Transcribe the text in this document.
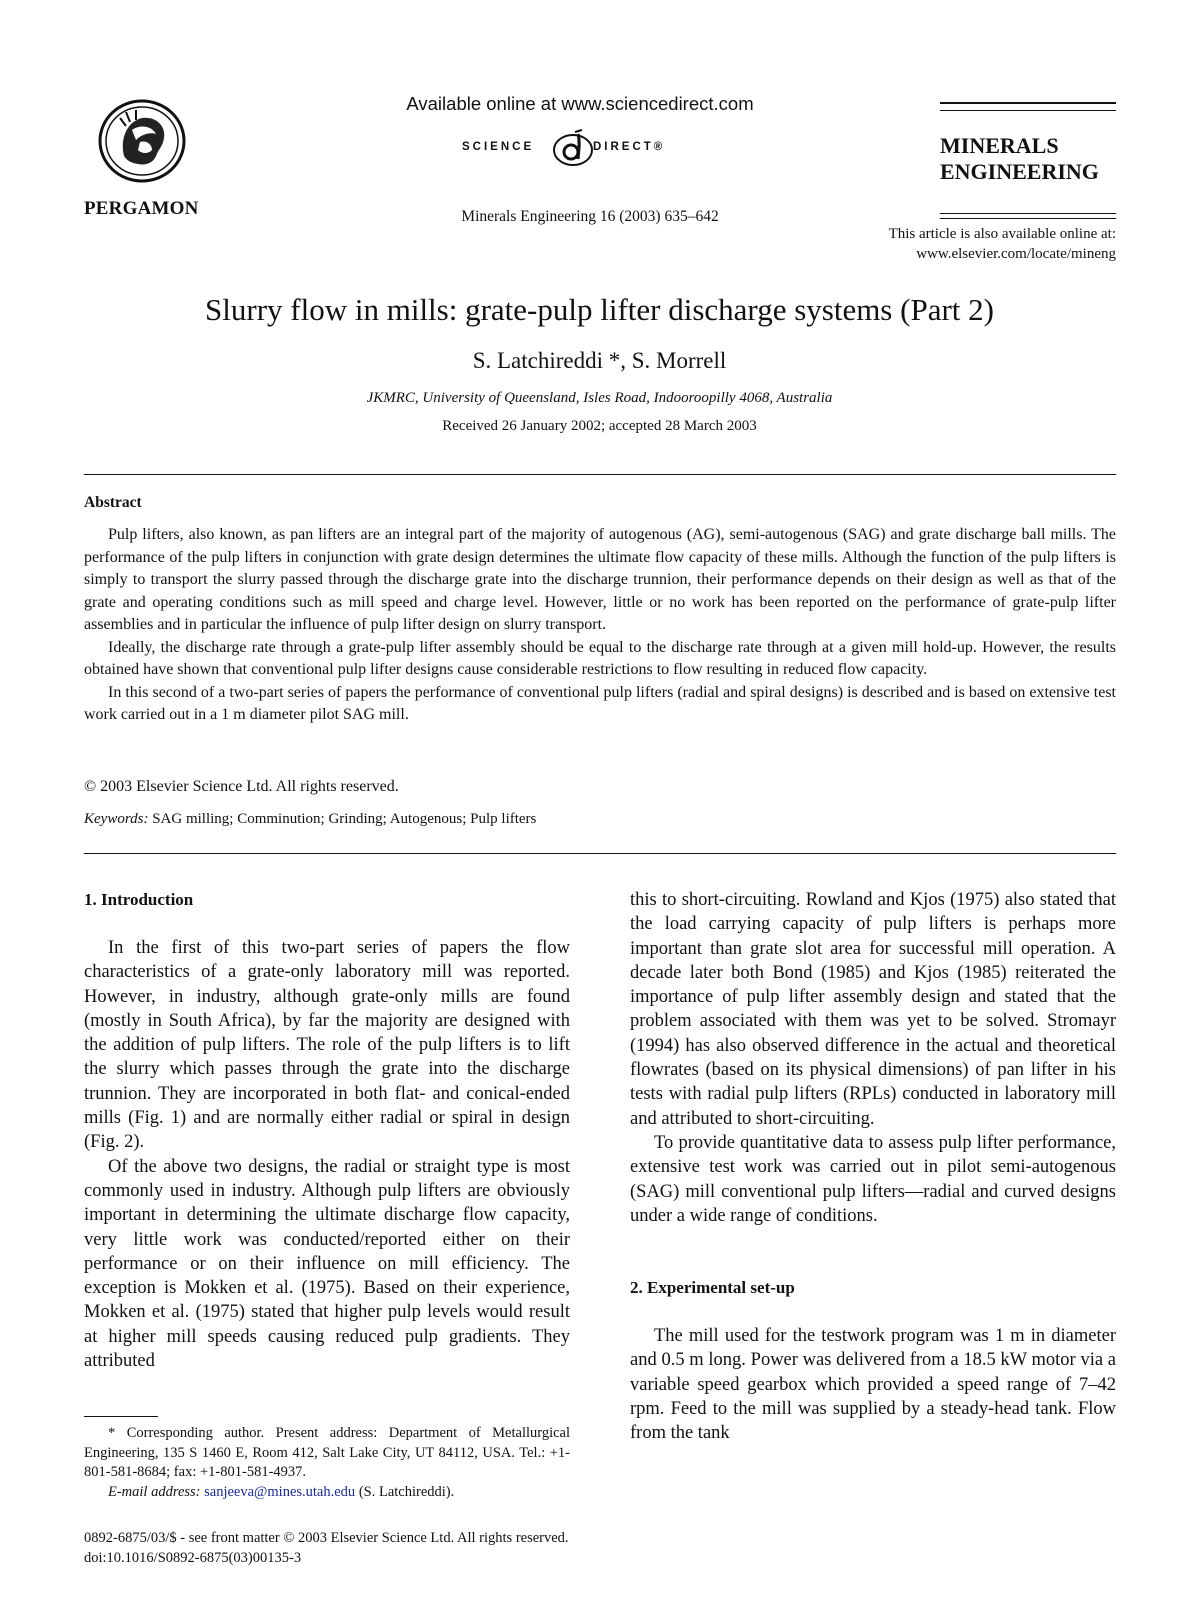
PERGAMON
Available online at www.sciencedirect.com
SCIENCE	DIRECT®
Minerals Engineering 16 (2003) 635–642
MINERALS
ENGINEERING
This article is also available online at:
www.elsevier.com/locate/mineng
Slurry flow in mills: grate-pulp lifter discharge systems (Part 2)
S. Latchireddi *, S. Morrell
JKMRC, University of Queensland, Isles Road, Indooroopilly 4068, Australia
Received 26 January 2002; accepted 28 March 2003
Abstract

Pulp lifters, also known, as pan lifters are an integral part of the majority of autogenous (AG), semi-autogenous (SAG) and grate discharge ball mills. The performance of the pulp lifters in conjunction with grate design determines the ultimate flow capacity of these mills. Although the function of the pulp lifters is simply to transport the slurry passed through the discharge grate into the discharge trunnion, their performance depends on their design as well as that of the grate and operating conditions such as mill speed and charge level. However, little or no work has been reported on the performance of grate-pulp lifter assemblies and in particular the influence of pulp lifter design on slurry transport.

Ideally, the discharge rate through a grate-pulp lifter assembly should be equal to the discharge rate through at a given mill hold-up. However, the results obtained have shown that conventional pulp lifter designs cause considerable restrictions to flow resulting in reduced flow capacity.

In this second of a two-part series of papers the performance of conventional pulp lifters (radial and spiral designs) is described and is based on extensive test work carried out in a 1 m diameter pilot SAG mill.

© 2003 Elsevier Science Ltd. All rights reserved.
Keywords: SAG milling; Comminution; Grinding; Autogenous; Pulp lifters
1. Introduction

In the first of this two-part series of papers the flow characteristics of a grate-only laboratory mill was reported. However, in industry, although grate-only mills are found (mostly in South Africa), by far the majority are designed with the addition of pulp lifters. The role of the pulp lifters is to lift the slurry which passes through the grate into the discharge trunnion. They are incorporated in both flat- and conical-ended mills (Fig. 1) and are normally either radial or spiral in design (Fig. 2).

Of the above two designs, the radial or straight type is most commonly used in industry. Although pulp lifters are obviously important in determining the ultimate discharge flow capacity, very little work was conducted/reported either on their performance or on their influence on mill efficiency. The exception is Mokken et al. (1975). Based on their experience, Mokken et al. (1975) stated that higher pulp levels would result at higher mill speeds causing reduced pulp gradients. They attributed

this to short-circuiting. Rowland and Kjos (1975) also stated that the load carrying capacity of pulp lifters is perhaps more important than grate slot area for successful mill operation. A decade later both Bond (1985) and Kjos (1985) reiterated the importance of pulp lifter assembly design and stated that the problem associated with them was yet to be solved. Stromayr (1994) has also observed difference in the actual and theoretical flowrates (based on its physical dimensions) of pan lifter in his tests with radial pulp lifters (RPLs) conducted in laboratory mill and attributed to short-circuiting.

To provide quantitative data to assess pulp lifter performance, extensive test work was carried out in pilot semi-autogenous (SAG) mill conventional pulp lifters—radial and curved designs under a wide range of conditions.

2. Experimental set-up

The mill used for the testwork program was 1 m in diameter and 0.5 m long. Power was delivered from a 18.5 kW motor via a variable speed gearbox which provided a speed range of 7–42 rpm. Feed to the mill was supplied by a steady-head tank. Flow from the tank

* Corresponding author. Present address: Department of Metallurgical Engineering, 135 S 1460 E, Room 412, Salt Lake City, UT 84112, USA. Tel.: +1-801-581-8684; fax: +1-801-581-4937.

E-mail address: sanjeeva@mines.utah.edu (S. Latchireddi).

0892-6875/03/$ - see front matter © 2003 Elsevier Science Ltd. All rights reserved.
doi:10.1016/S0892-6875(03)00135-3
